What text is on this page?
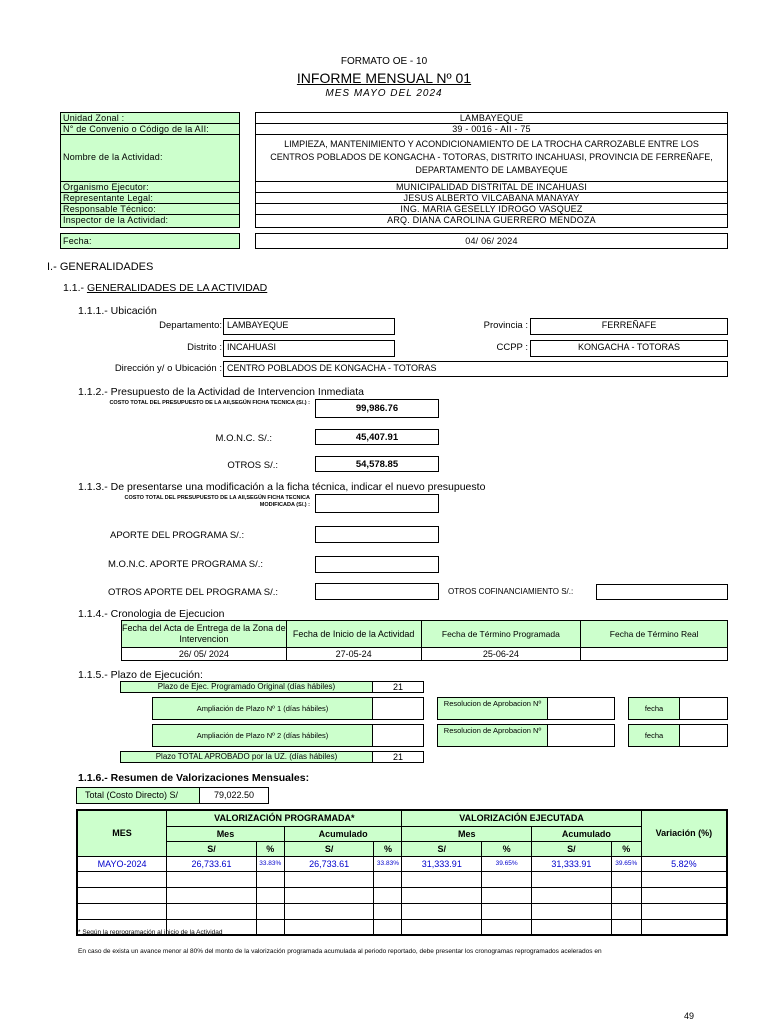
FORMATO OE - 10
INFORME MENSUAL Nº 01
MES MAYO DEL 2024
Unidad Zonal :	LAMBAYEQUE
N° de Convenio o Código de la AII:	39 - 0016 - AII - 75
Nombre de la Actividad:
LIMPIEZA, MANTENIMIENTO Y ACONDICIONAMIENTO DE LA TROCHA CARROZABLE ENTRE LOS CENTROS POBLADOS DE KONGACHA - TOTORAS, DISTRITO INCAHUASI, PROVINCIA DE FERREÑAFE, DEPARTAMENTO DE LAMBAYEQUE
Organismo Ejecutor:	MUNICIPALIDAD DISTRITAL DE INCAHUASI
Representante Legal:	JESUS ALBERTO VILCABANA MANAYAY
Responsable Técnico:	ING. MARIA GESELLY IDROGO VASQUEZ
Inspector de la Actividad:	ARQ. DIANA CAROLINA GUERRERO MENDOZA
Fecha:	04/ 06/ 2024
I.- GENERALIDADES
1.1.- GENERALIDADES DE LA ACTIVIDAD
1.1.1.- Ubicación
Departamento: LAMBAYEQUE	Provincia :	FERREÑAFE
Distrito : INCAHUASI	CCPP :	KONGACHA - TOTORAS
Dirección y/ o Ubicación : CENTRO POBLADOS DE KONGACHA - TOTORAS
1.1.2.- Presupuesto de la Actividad de Intervencion Inmediata
COSTO TOTAL DEL PRESUPUESTO DE LA AII,SEGÚN FICHA TECNICA (S/.) :	99,986.76
M.O.N.C. S/.:	45,407.91
OTROS S/.:	54,578.85
1.1.3.- De presentarse una modificación a la ficha técnica, indicar el nuevo presupuesto
COSTO TOTAL DEL PRESUPUESTO DE LA AII,SEGÚN FICHA TECNICA MODIFICADA (S/.) :
APORTE DEL PROGRAMA S/.:
M.O.N.C. APORTE PROGRAMA S/.:
OTROS APORTE DEL PROGRAMA S/.:	OTROS COFINANCIAMIENTO S/.:
1.1.4.- Cronologia de Ejecucion
Fecha del Acta de Entrega de la Zona de Intervencion	Fecha de Inicio de la Actividad	Fecha de Término Programada	Fecha de Término Real
26/ 05/ 2024	27-05-24	25-06-24	
1.1.5.- Plazo de Ejecución:
Plazo de Ejec. Programado Original (días hábiles)	21
Ampliación de Plazo Nº 1 (días hábiles)
Resolucion de Aprobacion Nº
fecha
Ampliación de Plazo Nº 2 (días hábiles)
Resolucion de Aprobacion Nº
fecha
Plazo TOTAL APROBADO por la UZ. (días hábiles)	21
1.1.6.- Resumen de Valorizaciones Mensuales:
Total (Costo Directo) S/	79,022.50
MES	VALORIZACIÓN PROGRAMADA*				VALORIZACIÓN EJECUTADA				Variación (%)
	Mes		Acumulado		Mes		Acumulado		
	S/	%	S/	%	S/	%	S/	%	
MAYO-2024	26,733.61	33.83%	26,733.61	33.83%	31,333.91	39.65%	31,333.91	39.65%	5.82%

* Según la reprogramación al inicio de la Actividad
En caso de exista un avance menor al 80% del monto de la valorización programada acumulada al periodo reportado, debe presentar los cronogramas reprogramados acelerados en
49
